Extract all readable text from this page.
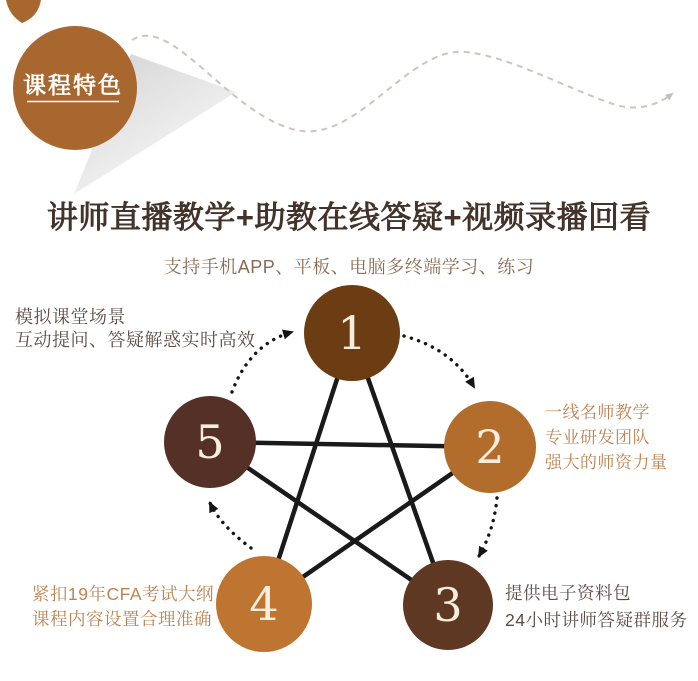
课程特色
1
2
3
4
5
讲师直播教学+助教在线答疑+视频录播回看
支持手机APP、平板、电脑多终端学习、练习
模拟课堂场景
互动提问、答疑解惑实时高效
一线名师教学
专业研发团队
强大的师资力量
紧扣19年CFA考试大纲
课程内容设置合理准确
提供电子资料包
24小时讲师答疑群服务
